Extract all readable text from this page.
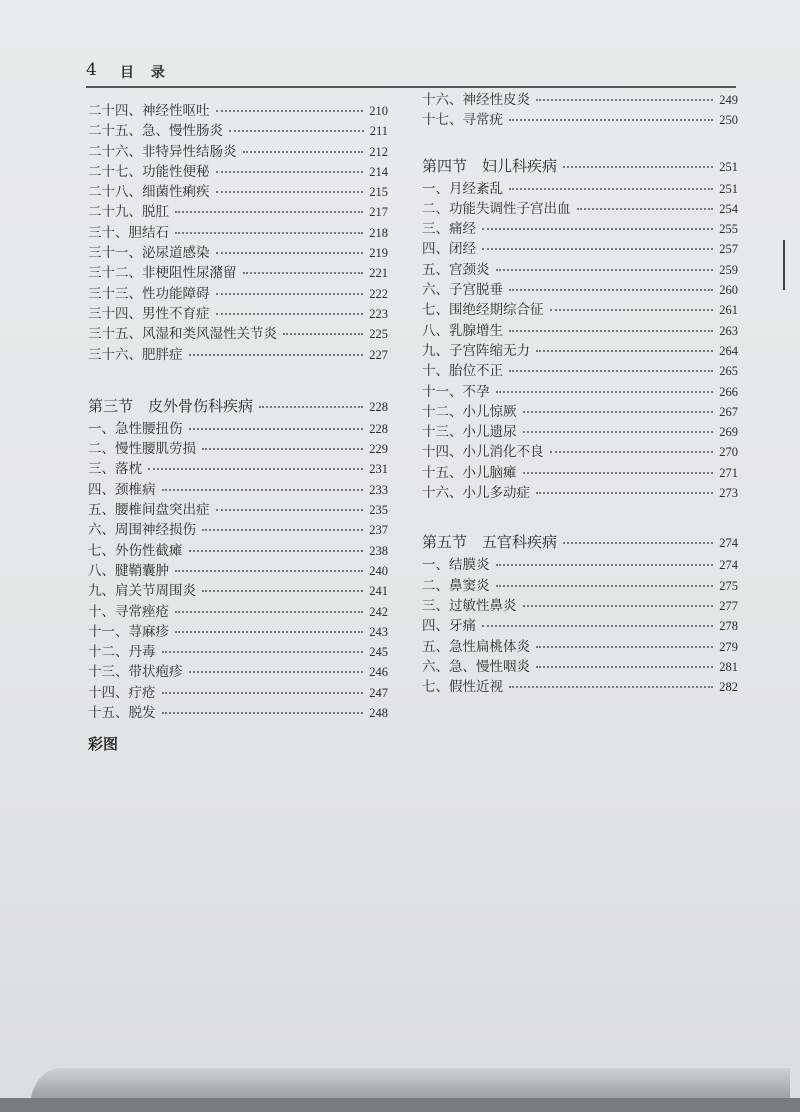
4 目 录
二十四、神经性呕吐	210
二十五、急、慢性肠炎	211
二十六、非特异性结肠炎	212
二十七、功能性便秘	214
二十八、细菌性痢疾	215
二十九、脱肛	217
三十、胆结石	218
三十一、泌尿道感染	219
三十二、非梗阻性尿潴留	221
三十三、性功能障碍	222
三十四、男性不育症	223
三十五、风湿和类风湿性关节炎	225
三十六、肥胖症	227
第三节　皮外骨伤科疾病	228
一、急性腰扭伤	228
二、慢性腰肌劳损	229
三、落枕	231
四、颈椎病	233
五、腰椎间盘突出症	235
六、周围神经损伤	237
七、外伤性截瘫	238
八、腱鞘囊肿	240
九、肩关节周围炎	241
十、寻常痤疮	242
十一、荨麻疹	243
十二、丹毒	245
十三、带状疱疹	246
十四、疔疮	247
十五、脱发	248
彩图
十六、神经性皮炎	249
十七、寻常疣	250
第四节　妇儿科疾病	251
一、月经紊乱	251
二、功能失调性子宫出血	254
三、痛经	255
四、闭经	257
五、宫颈炎	259
六、子宫脱垂	260
七、围绝经期综合征	261
八、乳腺增生	263
九、子宫阵缩无力	264
十、胎位不正	265
十一、不孕	266
十二、小儿惊厥	267
十三、小儿遗尿	269
十四、小儿消化不良	270
十五、小儿脑瘫	271
十六、小儿多动症	273
第五节　五官科疾病	274
一、结膜炎	274
二、鼻窦炎	275
三、过敏性鼻炎	277
四、牙痛	278
五、急性扁桃体炎	279
六、急、慢性咽炎	281
七、假性近视	282
